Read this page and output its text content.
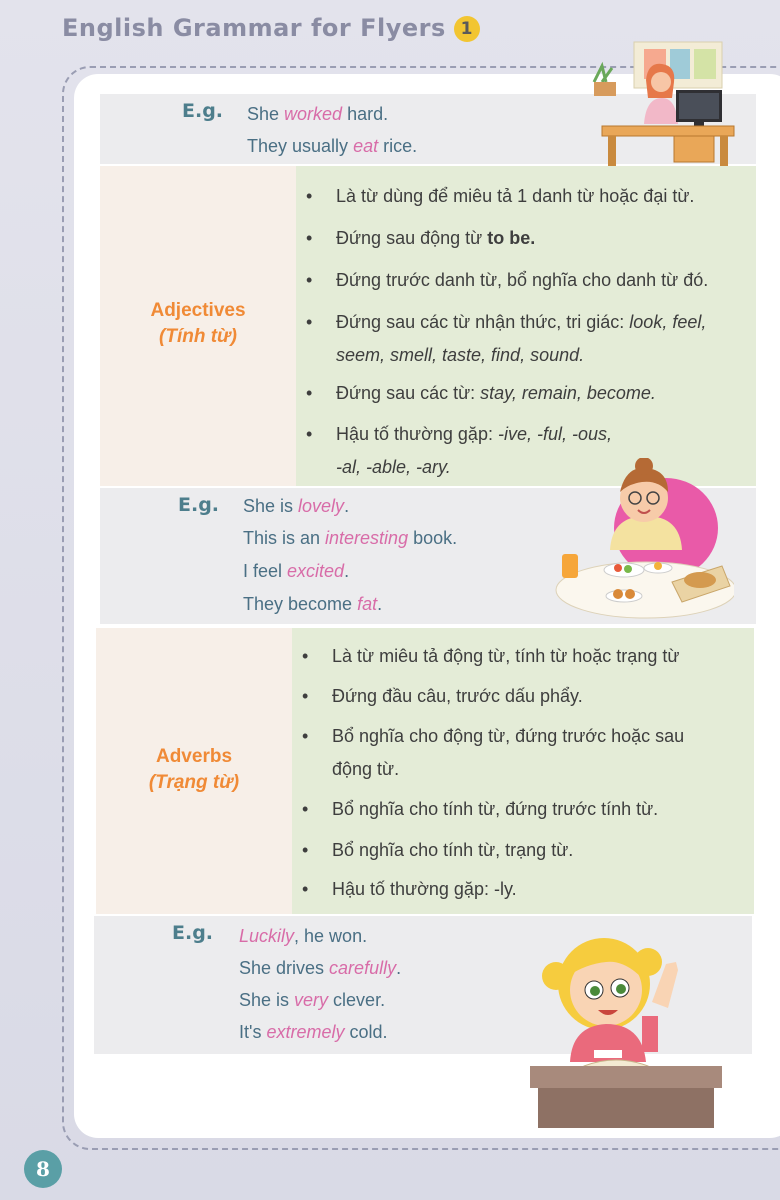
English Grammar for Flyers 1
E.g. She worked hard.
They usually eat rice.
Adjectives
(Tính từ)
• Là từ dùng để miêu tả 1 danh từ hoặc đại từ.
• Đứng sau động từ to be.
• Đứng trước danh từ, bổ nghĩa cho danh từ đó.
• Đứng sau các từ nhận thức, tri giác: look, feel,
seem, smell, taste, find, sound.
• Đứng sau các từ: stay, remain, become.
• Hậu tố thường gặp: -ive, -ful, -ous,
-al, -able, -ary.
E.g. She is lovely.
This is an interesting book.
I feel excited.
They become fat.
Adverbs
(Trạng từ)
• Là từ miêu tả động từ, tính từ hoặc trạng từ
• Đứng đầu câu, trước dấu phẩy.
• Bổ nghĩa cho động từ, đứng trước hoặc sau
động từ.
• Bổ nghĩa cho tính từ, đứng trước tính từ.
• Bổ nghĩa cho tính từ, trạng từ.
• Hậu tố thường gặp: -ly.
E.g. Luckily, he won.
She drives carefully.
She is very clever.
It's extremely cold.
8
